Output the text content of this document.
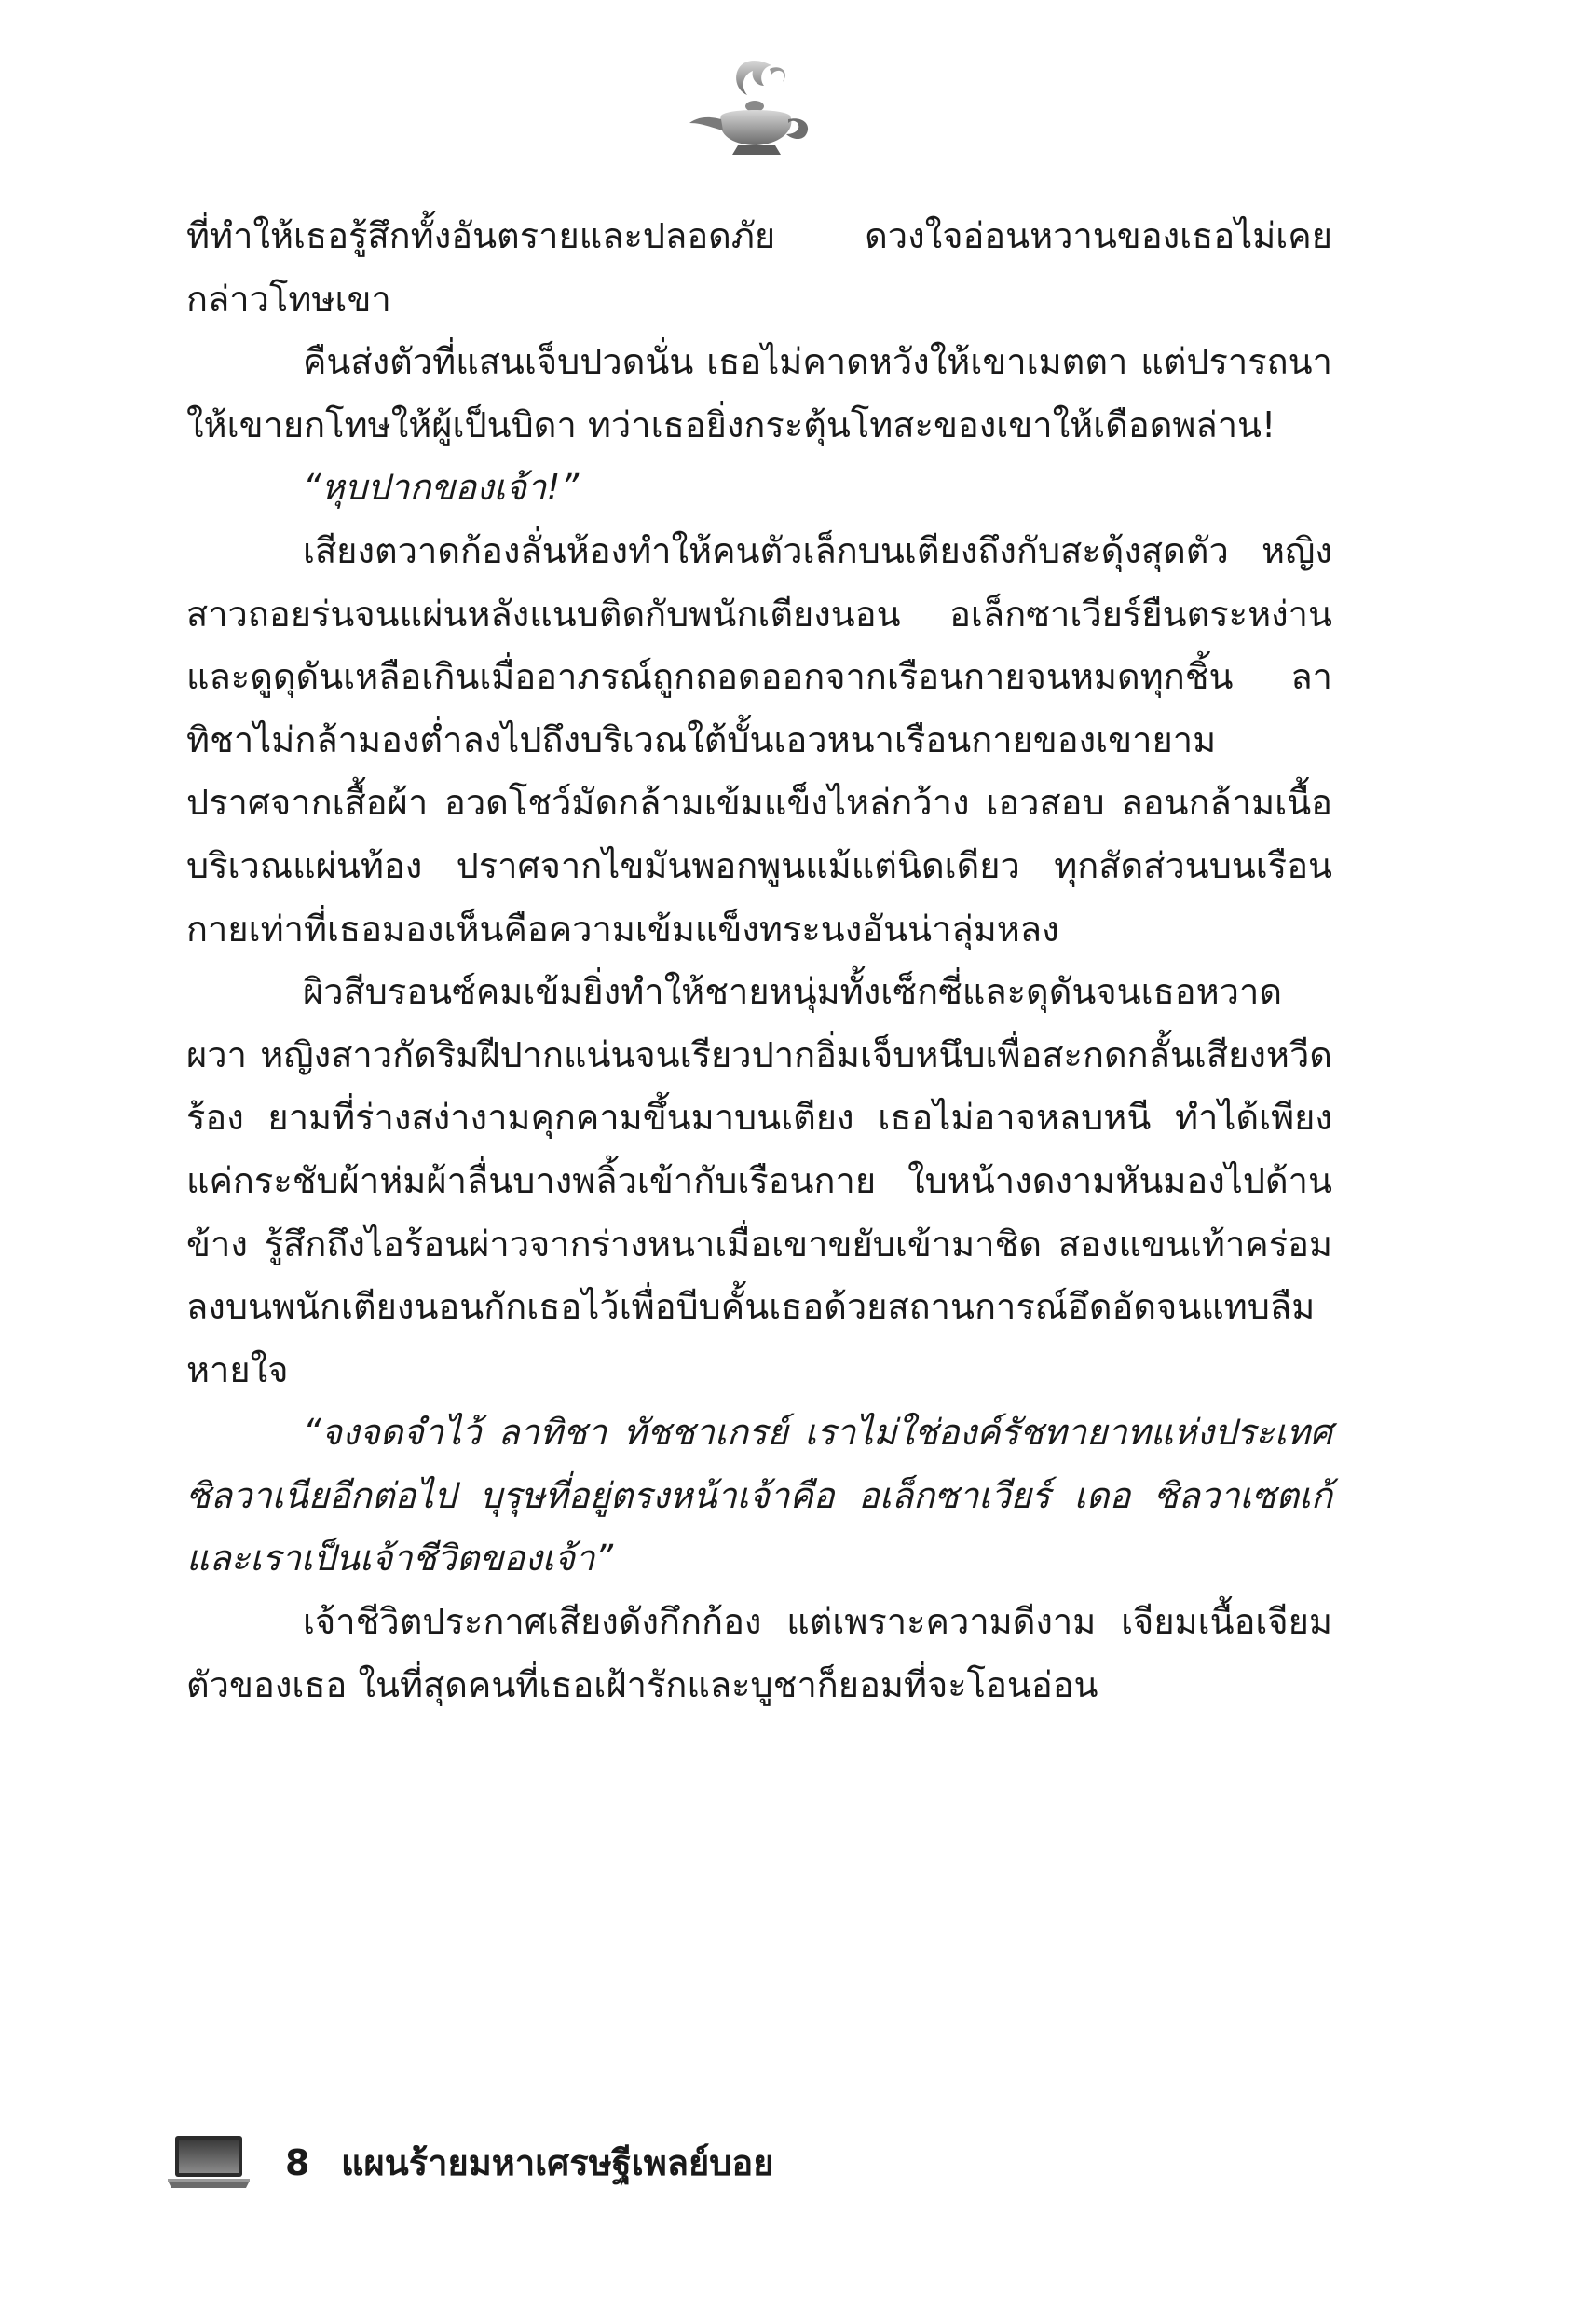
ที่ทำให้เธอรู้สึกทั้งอันตรายและปลอดภัย ดวงใจอ่อนหวานของเธอไม่เคยกล่าวโทษเขา

คืนส่งตัวที่แสนเจ็บปวดนั่น เธอไม่คาดหวังให้เขาเมตตา แต่ปรารถนาให้เขายกโทษให้ผู้เป็นบิดา ทว่าเธอยิ่งกระตุ้นโทสะของเขาให้เดือดพล่าน!

“หุบปากของเจ้า!”

เสียงตวาดก้องลั่นห้องทำให้คนตัวเล็กบนเตียงถึงกับสะดุ้งสุดตัว หญิงสาวถอยร่นจนแผ่นหลังแนบติดกับพนักเตียงนอน อเล็กซาเวียร์ยืนตระหง่านและดูดุดันเหลือเกินเมื่ออาภรณ์ถูกถอดออกจากเรือนกายจนหมดทุกชิ้น ลาทิชาไม่กล้ามองต่ำลงไปถึงบริเวณใต้บั้นเอวหนาเรือนกายของเขายามปราศจากเสื้อผ้า อวดโชว์มัดกล้ามเข้มแข็งไหล่กว้าง เอวสอบ ลอนกล้ามเนื้อบริเวณแผ่นท้อง ปราศจากไขมันพอกพูนแม้แต่นิดเดียว ทุกสัดส่วนบนเรือนกายเท่าที่เธอมองเห็นคือความเข้มแข็งทระนงอันน่าลุ่มหลง

ผิวสีบรอนซ์คมเข้มยิ่งทำให้ชายหนุ่มทั้งเซ็กซี่และดุดันจนเธอหวาดผวา หญิงสาวกัดริมฝีปากแน่นจนเรียวปากอิ่มเจ็บหนึบเพื่อสะกดกลั้นเสียงหวีดร้อง ยามที่ร่างสง่างามคุกคามขึ้นมาบนเตียง เธอไม่อาจหลบหนี ทำได้เพียงแค่กระชับผ้าห่มผ้าลื่นบางพลิ้วเข้ากับเรือนกาย ใบหน้างดงามหันมองไปด้านข้าง รู้สึกถึงไอร้อนผ่าวจากร่างหนาเมื่อเขาขยับเข้ามาชิด สองแขนเท้าคร่อมลงบนพนักเตียงนอนกักเธอไว้เพื่อบีบคั้นเธอด้วยสถานการณ์อึดอัดจนแทบลืมหายใจ

“จงจดจำไว้ ลาทิชา ทัชชาเกรย์ เราไม่ใช่องค์รัชทายาทแห่งประเทศซิลวาเนียอีกต่อไป บุรุษที่อยู่ตรงหน้าเจ้าคือ อเล็กซาเวียร์ เดอ ซิลวาเซตเก้ และเราเป็นเจ้าชีวิตของเจ้า”

เจ้าชีวิตประกาศเสียงดังกึกก้อง แต่เพราะความดีงาม เจียมเนื้อเจียมตัวของเธอ ในที่สุดคนที่เธอเฝ้ารักและบูชาก็ยอมที่จะโอนอ่อน

8 แผนร้ายมหาเศรษฐีเพลย์บอย
